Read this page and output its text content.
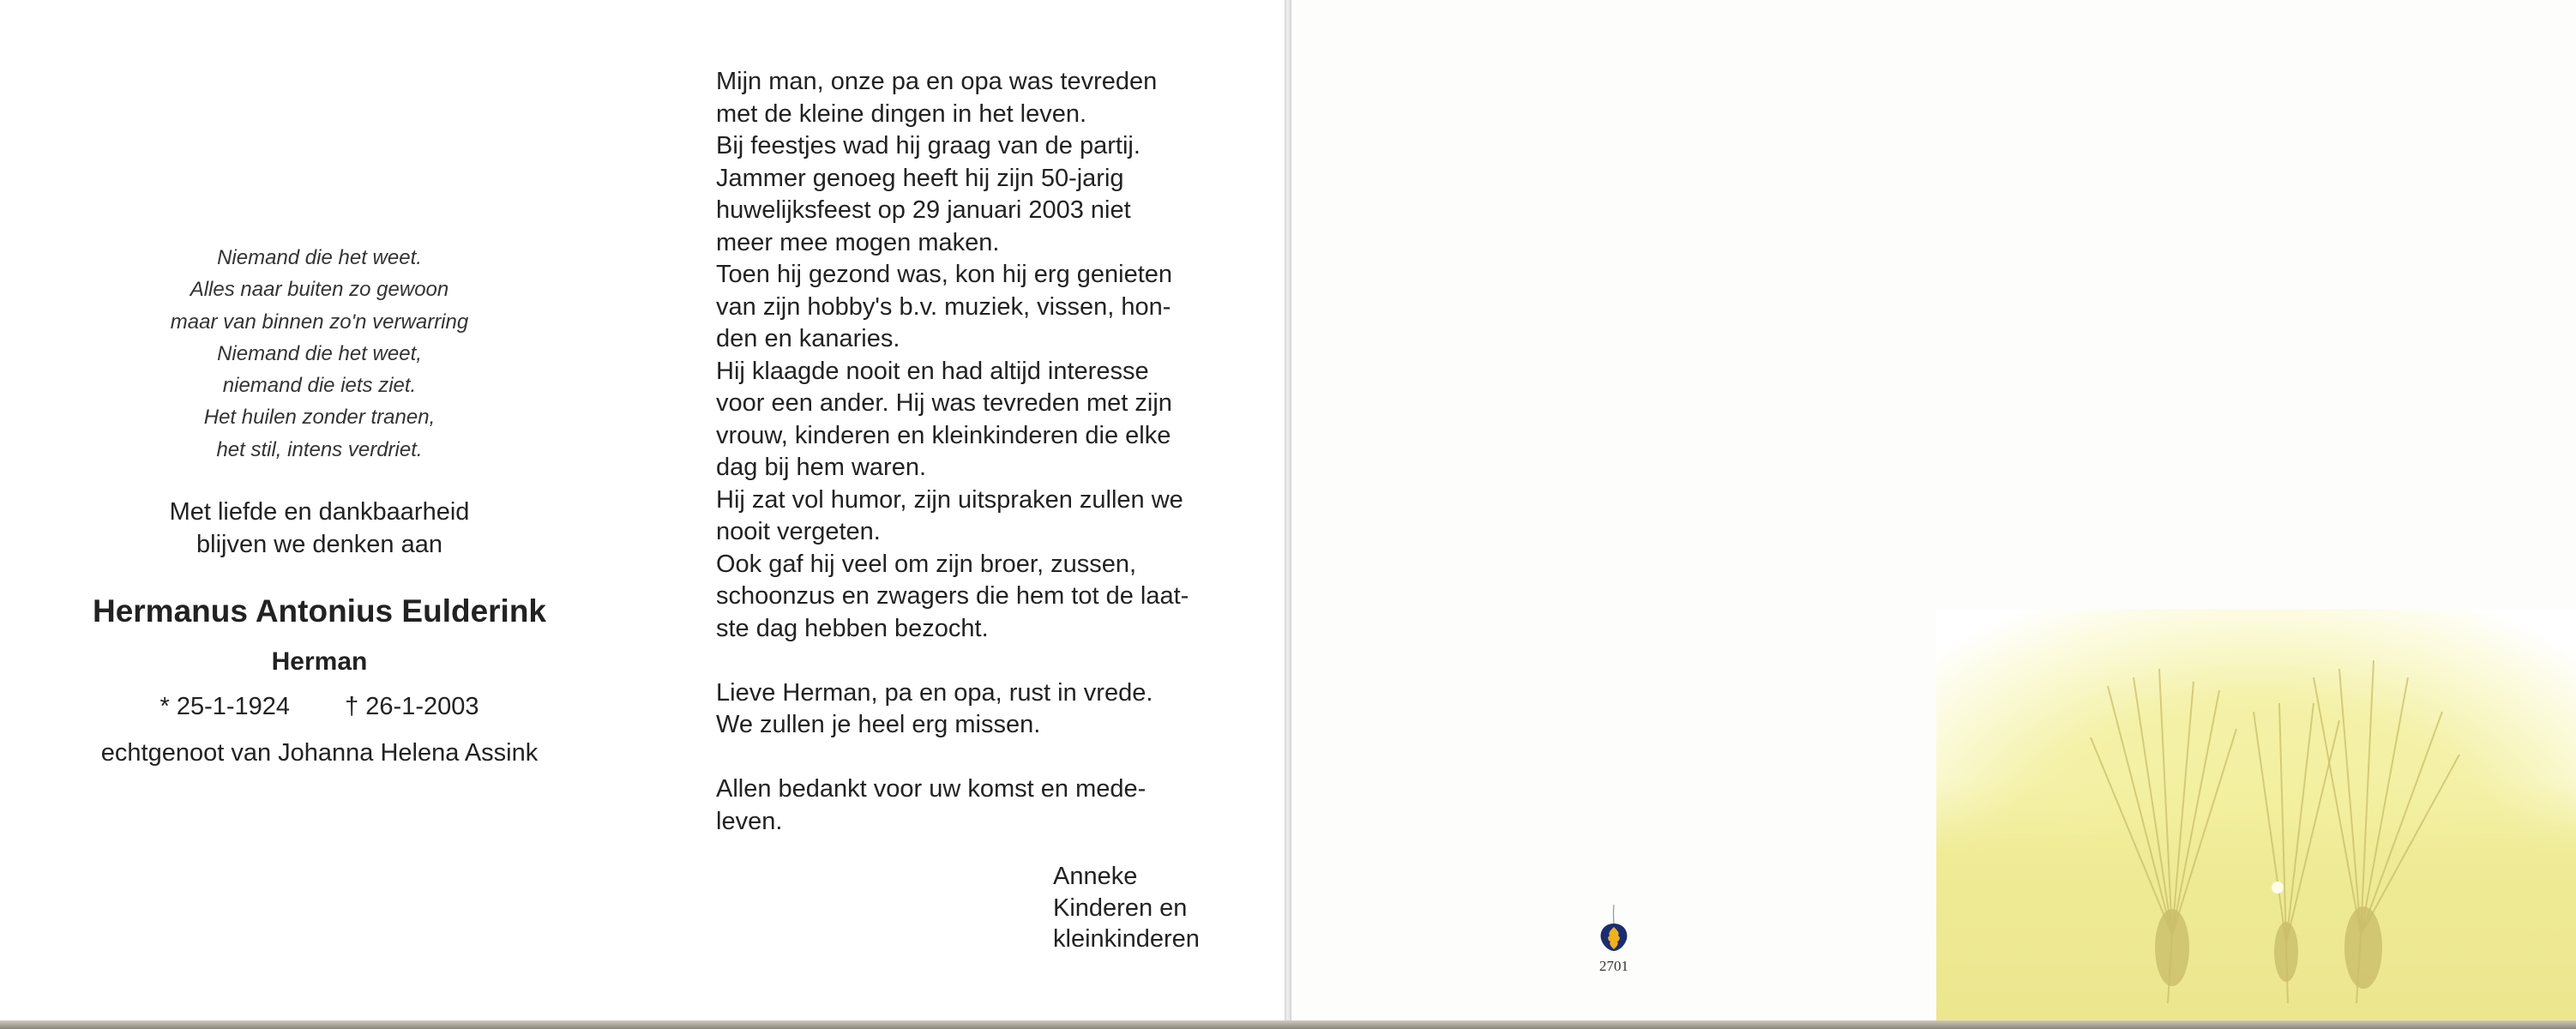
Niemand die het weet.
Alles naar buiten zo gewoon
maar van binnen zo'n verwarring
Niemand die het weet,
niemand die iets ziet.
Het huilen zonder tranen,
het stil, intens verdriet.
Met liefde en dankbaarheid
blijven we denken aan
Hermanus Antonius Eulderink
Herman
* 25-1-1924 † 26-1-2003
echtgenoot van Johanna Helena Assink
Mijn man, onze pa en opa was tevreden
met de kleine dingen in het leven.
Bij feestjes wad hij graag van de partij.
Jammer genoeg heeft hij zijn 50-jarig
huwelijksfeest op 29 januari 2003 niet
meer mee mogen maken.
Toen hij gezond was, kon hij erg genieten
van zijn hobby's b.v. muziek, vissen, hon-
den en kanaries.
Hij klaagde nooit en had altijd interesse
voor een ander. Hij was tevreden met zijn
vrouw, kinderen en kleinkinderen die elke
dag bij hem waren.
Hij zat vol humor, zijn uitspraken zullen we
nooit vergeten.
Ook gaf hij veel om zijn broer, zussen,
schoonzus en zwagers die hem tot de laat-
ste dag hebben bezocht.
Lieve Herman, pa en opa, rust in vrede.
We zullen je heel erg missen.
Allen bedankt voor uw komst en mede-
leven.
Anneke
Kinderen en
kleinkinderen
2701
